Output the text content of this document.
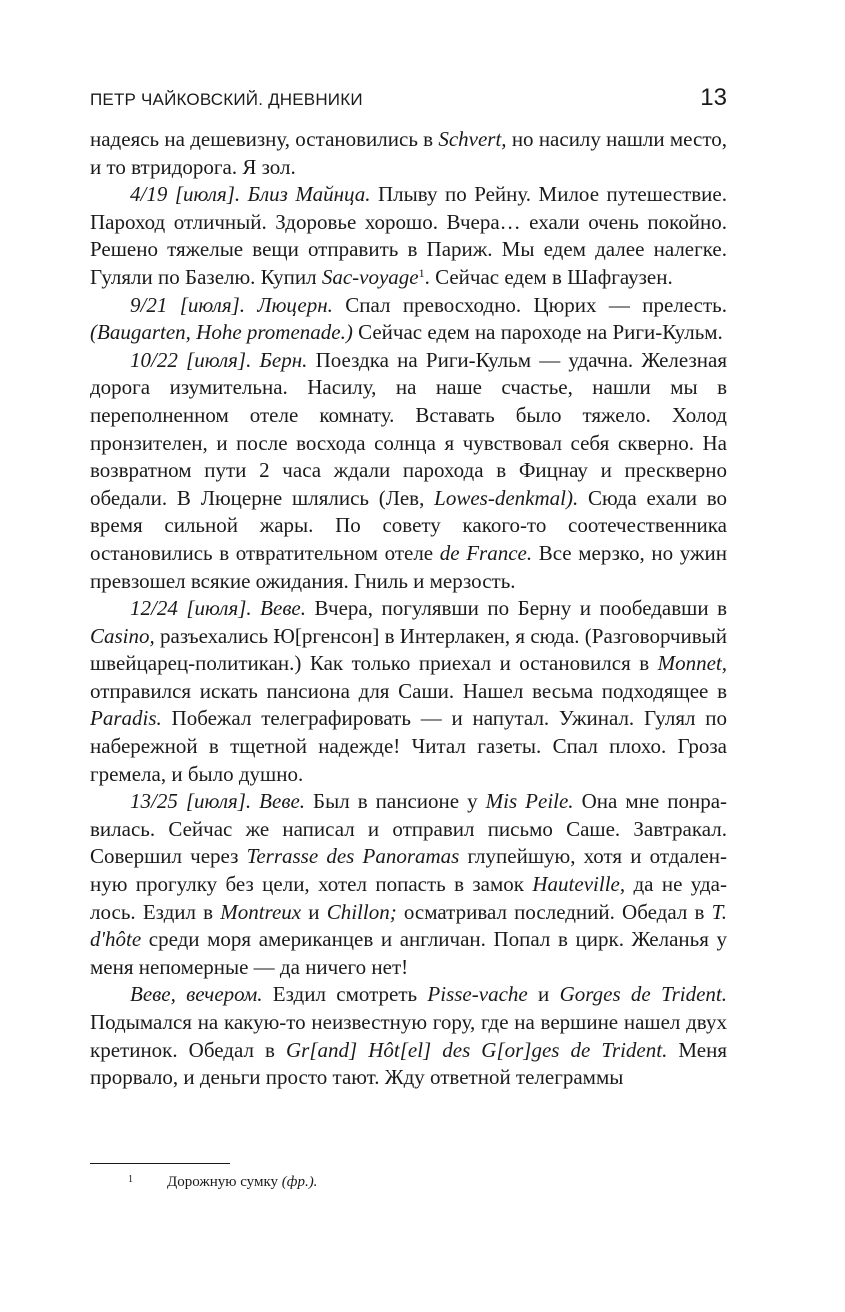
ПЕТР ЧАЙКОВСКИЙ. ДНЕВНИКИ	13

надеясь на дешевизну, остановились в Schvert, но насилу нашли место, и то втридорога. Я зол.

4/19 [июля]. Близ Майнца. Плыву по Рейну. Милое путешествие. Пароход отличный. Здоровье хорошо. Вчера… ехали очень покойно. Решено тяжелые вещи отправить в Париж. Мы едем далее налегке. Гуляли по Базелю. Купил Sac-voyage$^1$. Сейчас едем в Шафгаузен.

9/21 [июля]. Люцерн. Спал превосходно. Цюрих — прелесть. (Baugarten, Hohe promenade.) Сейчас едем на пароходе на Риги-Кульм.

10/22 [июля]. Берн. Поездка на Риги-Кульм — удачна. Железная дорога изумительна. Насилу, на наше счастье, нашли мы в переполненном отеле комнату. Вставать было тяжело. Холод пронзителен, и после восхода солнца я чувствовал себя скверно. На возвратном пути 2 часа ждали парохода в Фицнау и прескверно обедали. В Люцерне шлялись (Лев, Lowes-denkmal). Сюда ехали во время сильной жары. По совету какого-то соотечественника остановились в отвратительном отеле de France. Все мерзко, но ужин превзошел всякие ожидания. Гниль и мерзость.

12/24 [июля]. Веве. Вчера, погулявши по Берну и пообедавши в Casino, разъехались Ю[ргенсон] в Интерлакен, я сюда. (Разговорчивый швейцарец-политикан.) Как только приехал и остановился в Monnet, отправился искать пансиона для Саши. Нашел весьма подходящее в Paradis. Побежал телеграфировать — и напутал. Ужинал. Гулял по набережной в тщетной надежде! Читал газеты. Спал плохо. Гроза гремела, и было душно.

13/25 [июля]. Веве. Был в пансионе у Mis Peile. Она мне понравилась. Сейчас же написал и отправил письмо Саше. Завтракал. Совершил через Terrasse des Panoramas глупейшую, хотя и отдаленную прогулку без цели, хотел попасть в замок Hauteville, да не удалось. Ездил в Montreux и Chillon; осматривал последний. Обедал в T. d'hôte среди моря американцев и англичан. Попал в цирк. Желанья у меня непомерные — да ничего нет!

Веве, вечером. Ездил смотреть Pisse-vache и Gorges de Trident. Подымался на какую-то неизвестную гору, где на вершине нашел двух кретинок. Обедал в Gr[and] Hôt[el] des G[or]ges de Trident. Меня прорвало, и деньги просто тают. Жду ответной телеграммы

1 Дорожную сумку (фр.).
